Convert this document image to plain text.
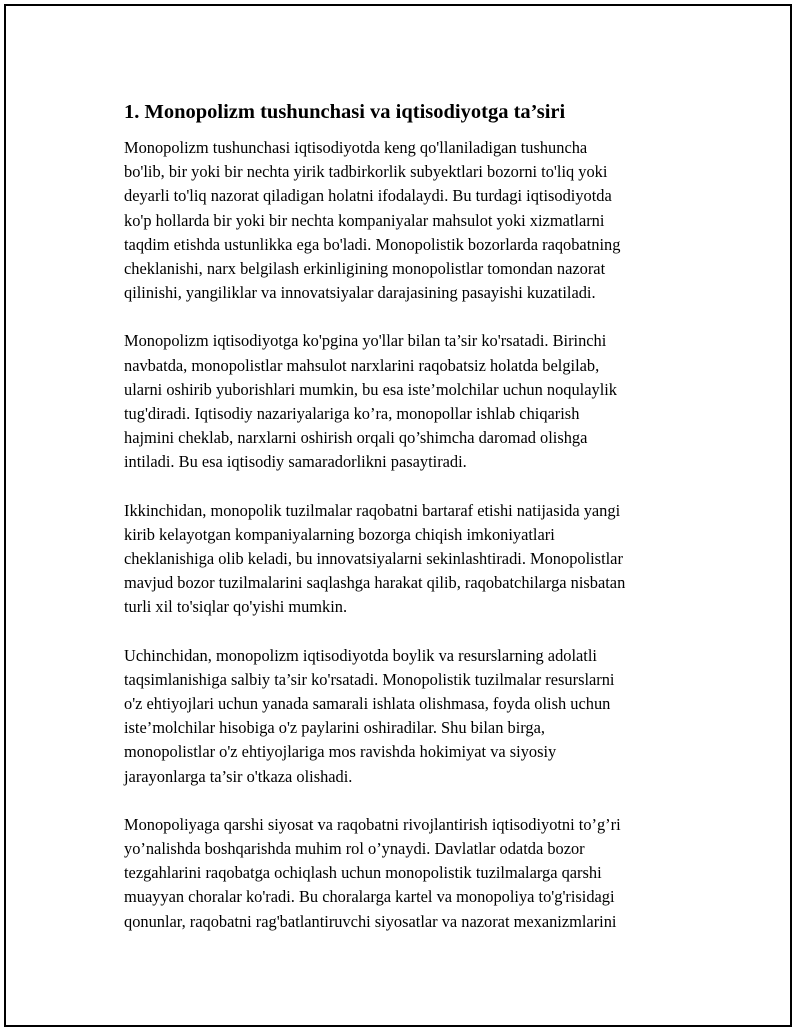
1. Monopolizm tushunchasi va iqtisodiyotga ta’siri

Monopolizm tushunchasi iqtisodiyotda keng qo'llaniladigan tushuncha
bo'lib, bir yoki bir nechta yirik tadbirkorlik subyektlari bozorni to'liq yoki
deyarli to'liq nazorat qiladigan holatni ifodalaydi. Bu turdagi iqtisodiyotda
ko'p hollarda bir yoki bir nechta kompaniyalar mahsulot yoki xizmatlarni
taqdim etishda ustunlikka ega bo'ladi. Monopolistik bozorlarda raqobatning
cheklanishi, narx belgilash erkinligining monopolistlar tomondan nazorat
qilinishi, yangiliklar va innovatsiyalar darajasining pasayishi kuzatiladi.

Monopolizm iqtisodiyotga ko'pgina yo'llar bilan ta’sir ko'rsatadi. Birinchi
navbatda, monopolistlar mahsulot narxlarini raqobatsiz holatda belgilab,
ularni oshirib yuborishlari mumkin, bu esa iste’molchilar uchun noqulaylik
tug'diradi. Iqtisodiy nazariyalariga ko’ra, monopollar ishlab chiqarish
hajmini cheklab, narxlarni oshirish orqali qo’shimcha daromad olishga
intiladi. Bu esa iqtisodiy samaradorlikni pasaytiradi.

Ikkinchidan, monopolik tuzilmalar raqobatni bartaraf etishi natijasida yangi
kirib kelayotgan kompaniyalarning bozorga chiqish imkoniyatlari
cheklanishiga olib keladi, bu innovatsiyalarni sekinlashtiradi. Monopolistlar
mavjud bozor tuzilmalarini saqlashga harakat qilib, raqobatchilarga nisbatan
turli xil to'siqlar qo'yishi mumkin.

Uchinchidan, monopolizm iqtisodiyotda boylik va resurslarning adolatli
taqsimlanishiga salbiy ta’sir ko'rsatadi. Monopolistik tuzilmalar resurslarni
o'z ehtiyojlari uchun yanada samarali ishlata olishmasa, foyda olish uchun
iste’molchilar hisobiga o'z paylarini oshiradilar. Shu bilan birga,
monopolistlar o'z ehtiyojlariga mos ravishda hokimiyat va siyosiy
jarayonlarga ta’sir o'tkaza olishadi.

Monopoliyaga qarshi siyosat va raqobatni rivojlantirish iqtisodiyotni to’g’ri
yo’nalishda boshqarishda muhim rol o’ynaydi. Davlatlar odatda bozor
tezgahlarini raqobatga ochiqlash uchun monopolistik tuzilmalarga qarshi
muayyan choralar ko'radi. Bu choralarga kartel va monopoliya to'g'risidagi
qonunlar, raqobatni rag'batlantiruvchi siyosatlar va nazorat mexanizmlarini
